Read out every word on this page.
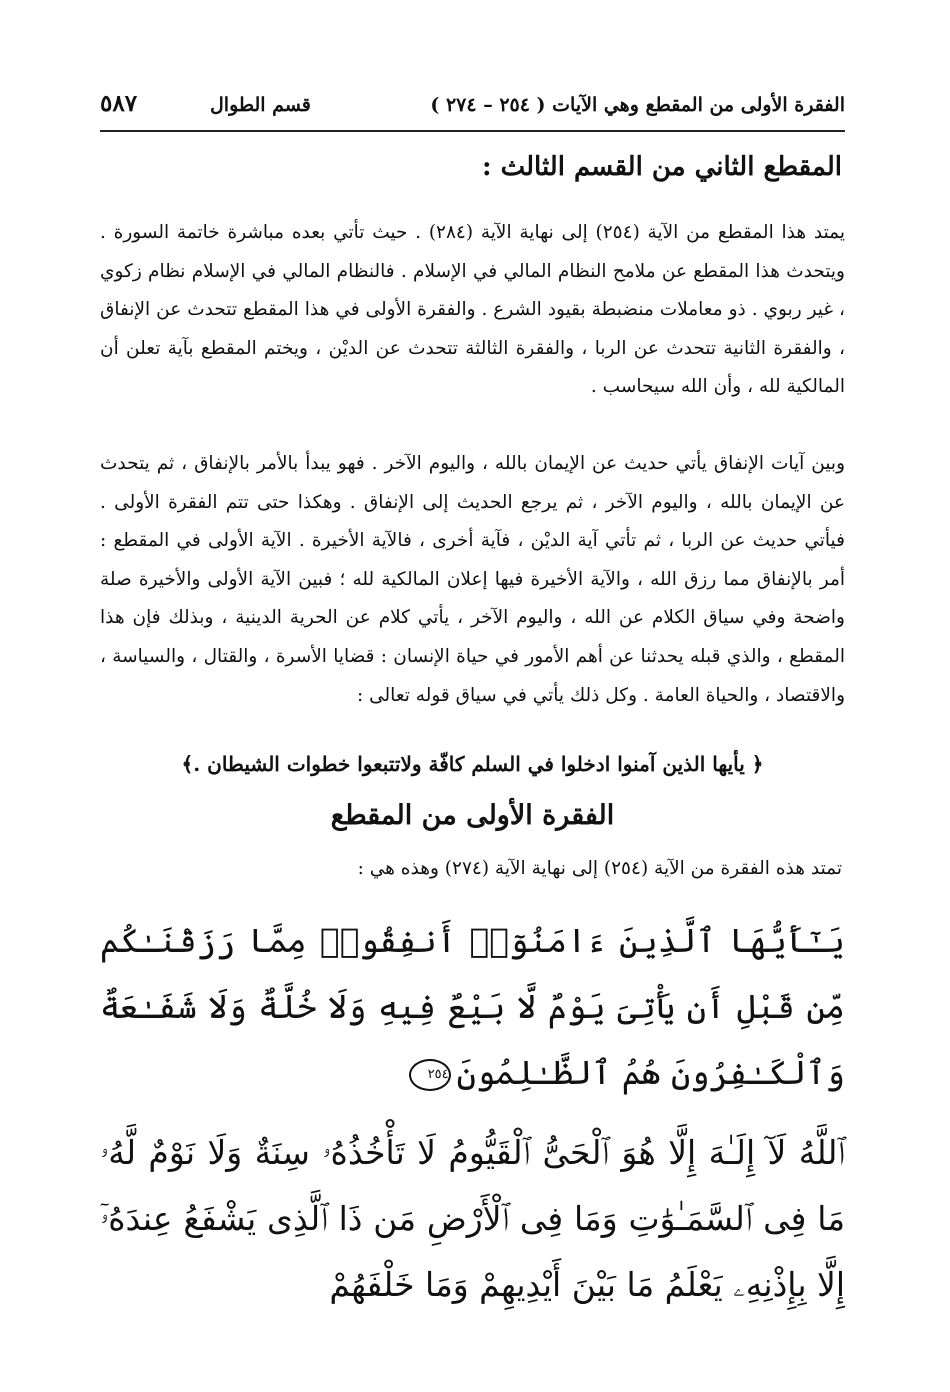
الفقرة الأولى من المقطع وهي الآيات ( ٢٥٤ – ٢٧٤ )
قسم الطوال
٥٨٧
المقطع الثاني من القسم الثالث :

يمتد هذا المقطع من الآية (٢٥٤) إلى نهاية الآية (٢٨٤) . حيث تأتي بعده مباشرة خاتمة السورة . ويتحدث هذا المقطع عن ملامح النظام المالي في الإسلام . فالنظام المالي في الإسلام نظام زكوي ، غير ربوي . ذو معاملات منضبطة بقيود الشرع . والفقرة الأولى في هذا المقطع تتحدث عن الإنفاق ، والفقرة الثانية تتحدث عن الربا ، والفقرة الثالثة تتحدث عن الديْن ، ويختم المقطع بآية تعلن أن المالكية لله ، وأن الله سيحاسب .

وبين آيات الإنفاق يأتي حديث عن الإيمان بالله ، واليوم الآخر . فهو يبدأ بالأمر بالإنفاق ، ثم يتحدث عن الإيمان بالله ، واليوم الآخر ، ثم يرجع الحديث إلى الإنفاق . وهكذا حتى تتم الفقرة الأولى . فيأتي حديث عن الربا ، ثم تأتي آية الديْن ، فآية أخرى ، فالآية الأخيرة . الآية الأولى في المقطع : أمر بالإنفاق مما رزق الله ، والآية الأخيرة فيها إعلان المالكية لله ؛ فبين الآية الأولى والأخيرة صلة واضحة وفي سياق الكلام عن الله ، واليوم الآخر ، يأتي كلام عن الحرية الدينية ، وبذلك فإن هذا المقطع ، والذي قبله يحدثنا عن أهم الأمور في حياة الإنسان : قضايا الأسرة ، والقتال ، والسياسة ، والاقتصاد ، والحياة العامة . وكل ذلك يأتي في سياق قوله تعالى :

﴿ يأيها الذين آمنوا ادخلوا في السلم كافّة ولاتتبعوا خطوات الشيطان .﴾
الفقرة الأولى من المقطع
تمتد هذه الفقرة من الآية (٢٥٤) إلى نهاية الآية (٢٧٤) وهذه هي :

يَـٰٓأَيُّهَا ٱلَّذِينَ ءَامَنُوٓا۟ أَنفِقُوا۟ مِمَّا رَزَقْنَـٰكُم مِّن قَبْلِ أَن يَأْتِىَ يَوْمٌ لَّا بَيْعٌ فِيهِ وَلَا خُلَّةٌ وَلَا شَفَـٰعَةٌ وَٱلْكَـٰفِرُونَ هُمُ ٱلظَّـٰلِمُونَ٢٥٤

ٱللَّهُ لَآ إِلَـٰهَ إِلَّا هُوَ ٱلْحَىُّ ٱلْقَيُّومُ لَا تَأْخُذُهُۥ سِنَةٌ وَلَا نَوْمٌ لَّهُۥ مَا فِى ٱلسَّمَـٰوَٰتِ وَمَا فِى ٱلْأَرْضِ مَن ذَا ٱلَّذِى يَشْفَعُ عِندَهُۥٓ إِلَّا بِإِذْنِهِۦ يَعْلَمُ مَا بَيْنَ أَيْدِيهِمْ وَمَا خَلْفَهُمْ
